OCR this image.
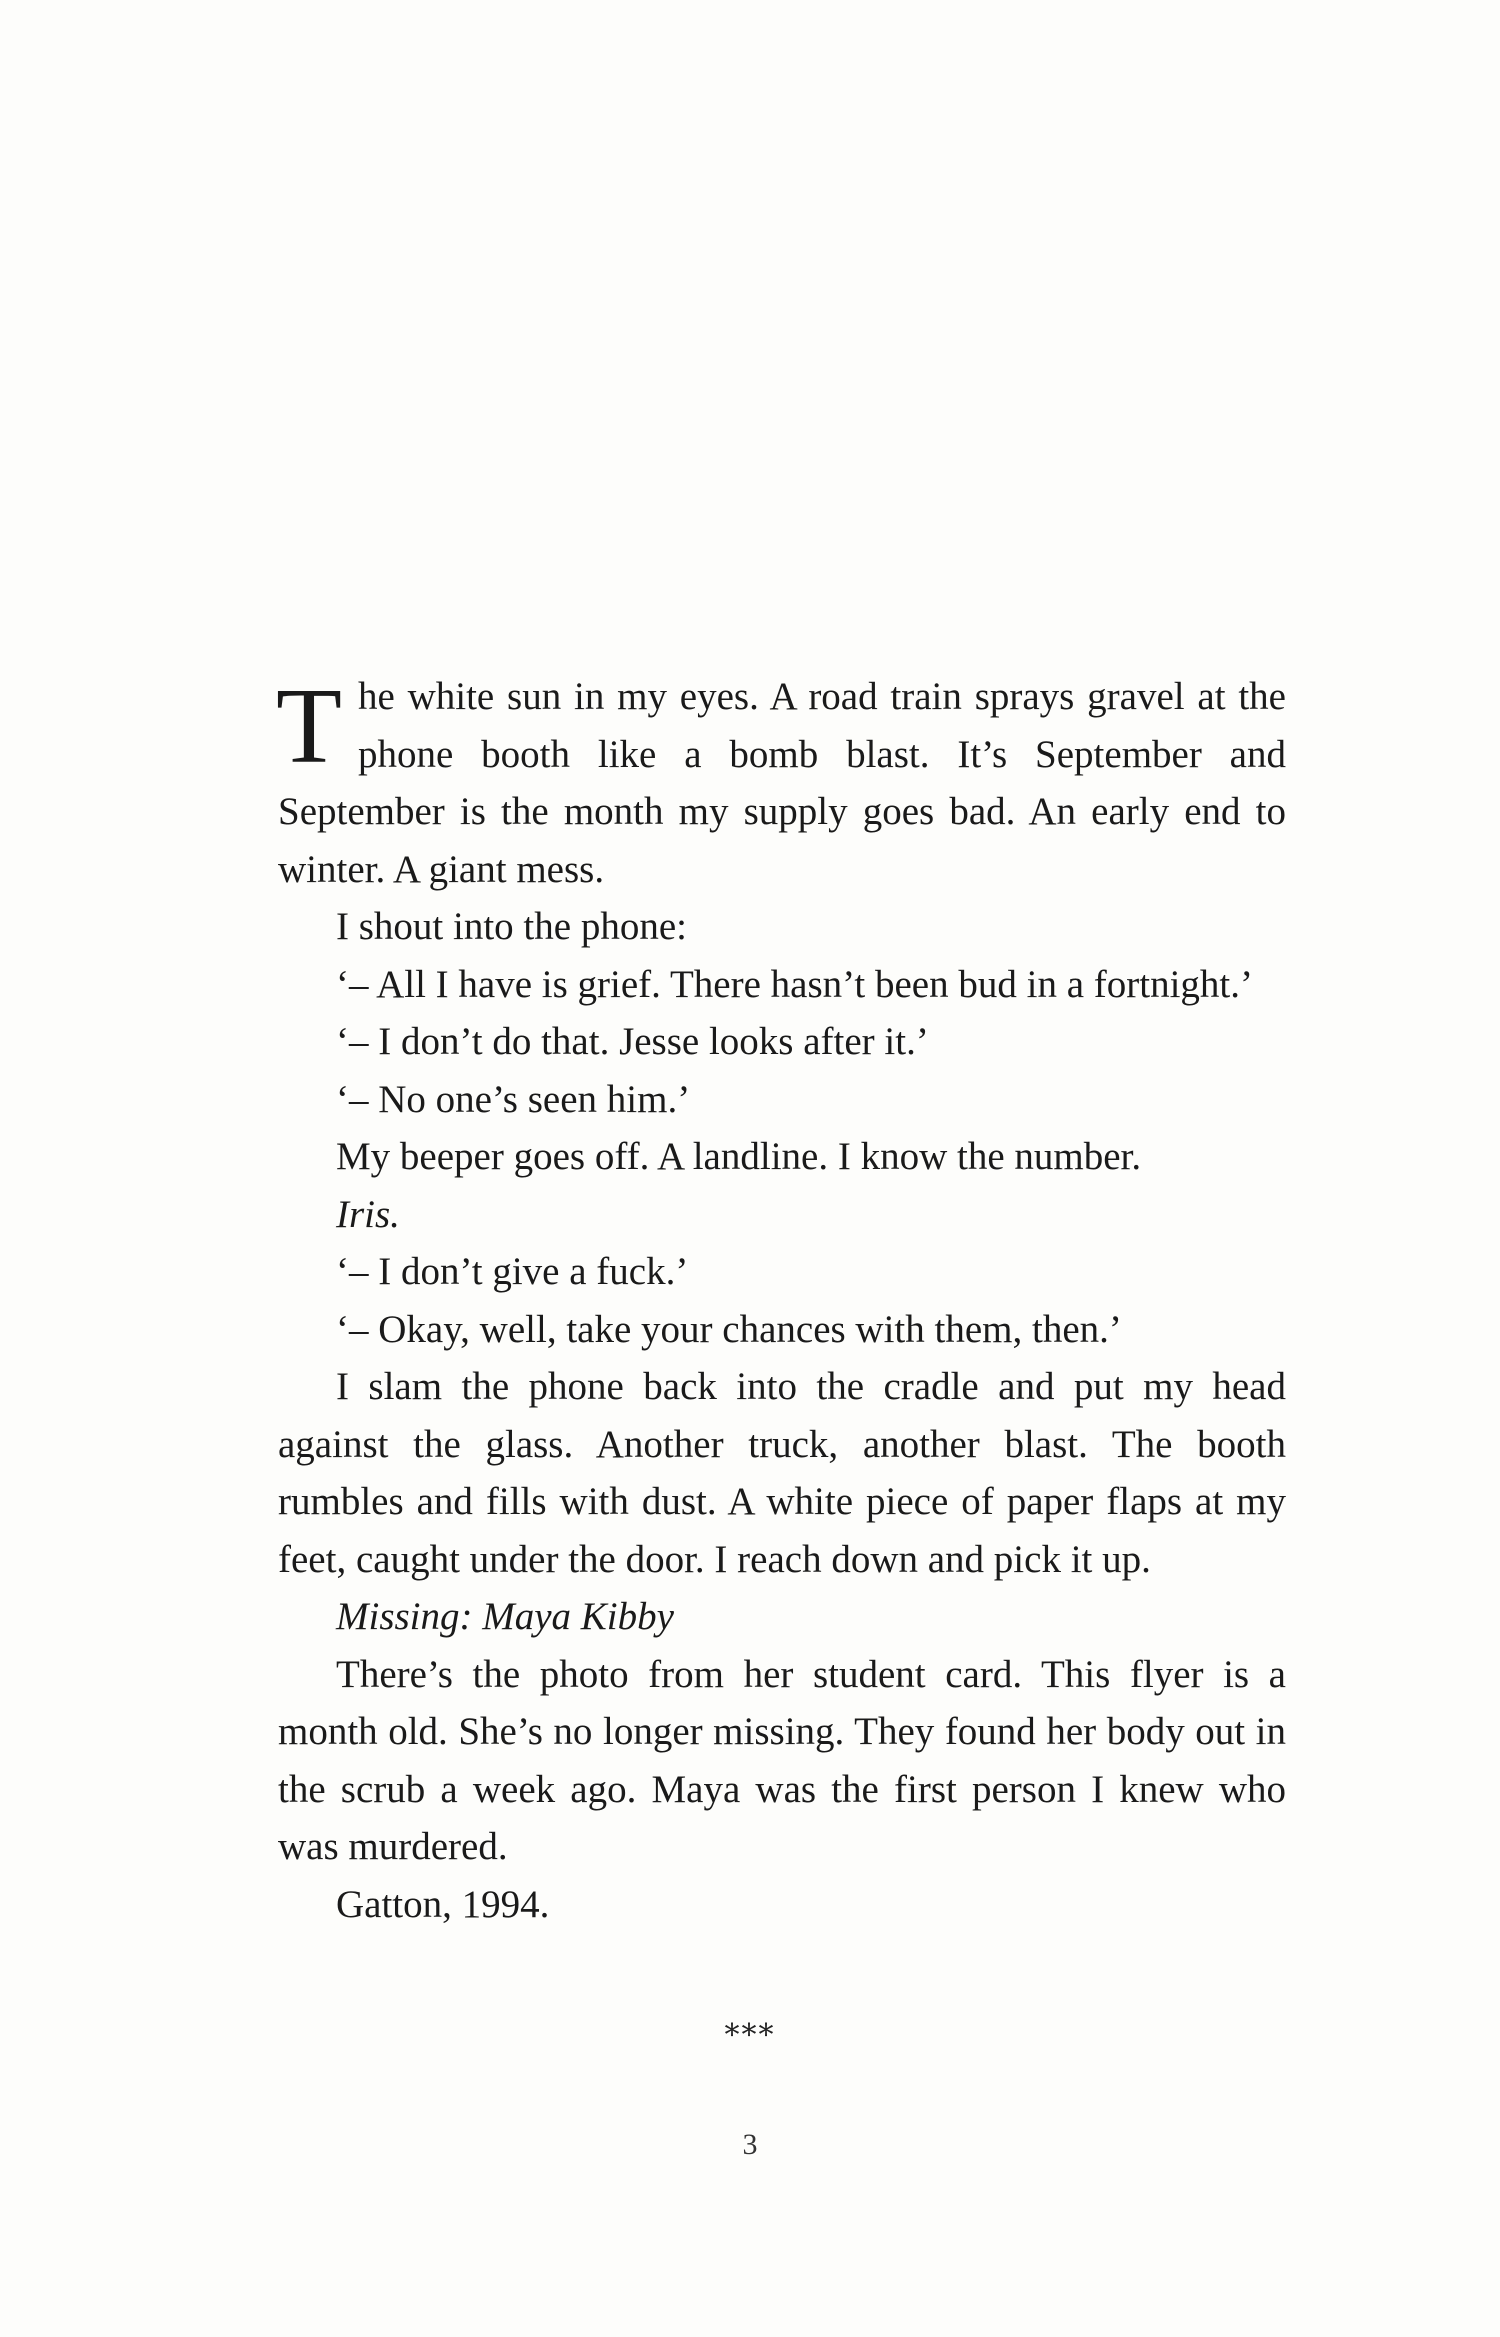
The white sun in my eyes. A road train sprays gravel at the phone booth like a bomb blast. It’s September and September is the month my supply goes bad. An early end to winter. A giant mess.

I shout into the phone:

‘– All I have is grief. There hasn’t been bud in a fortnight.’

‘– I don’t do that. Jesse looks after it.’

‘– No one’s seen him.’

My beeper goes off. A landline. I know the number.

Iris.

‘– I don’t give a fuck.’

‘– Okay, well, take your chances with them, then.’

I slam the phone back into the cradle and put my head against the glass. Another truck, another blast. The booth rumbles and fills with dust. A white piece of paper flaps at my feet, caught under the door. I reach down and pick it up.

Missing: Maya Kibby

There’s the photo from her student card. This flyer is a month old. She’s no longer missing. They found her body out in the scrub a week ago. Maya was the first person I knew who was murdered.

Gatton, 1994.

***
3
